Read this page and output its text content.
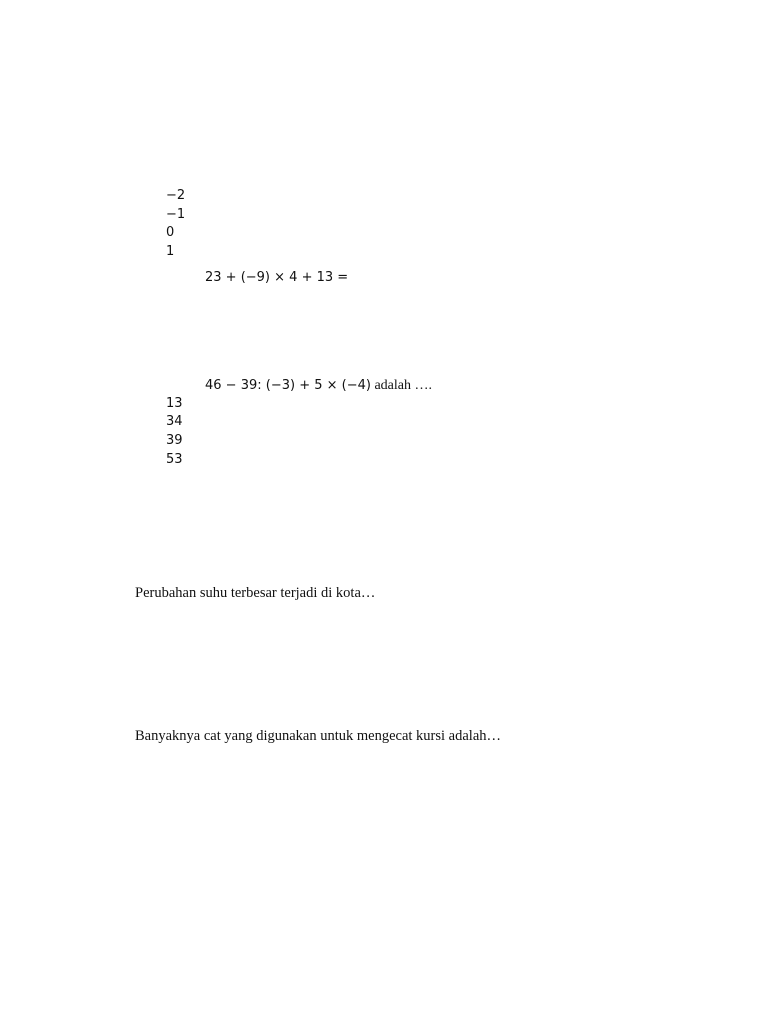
−2
−1
0
1
23 + (−9) × 4 + 13 =
46 − 39: (−3) + 5 × (−4) adalah ….
13
34
39
53
Perubahan suhu terbesar terjadi di kota…
Banyaknya cat yang digunakan untuk mengecat kursi adalah…
